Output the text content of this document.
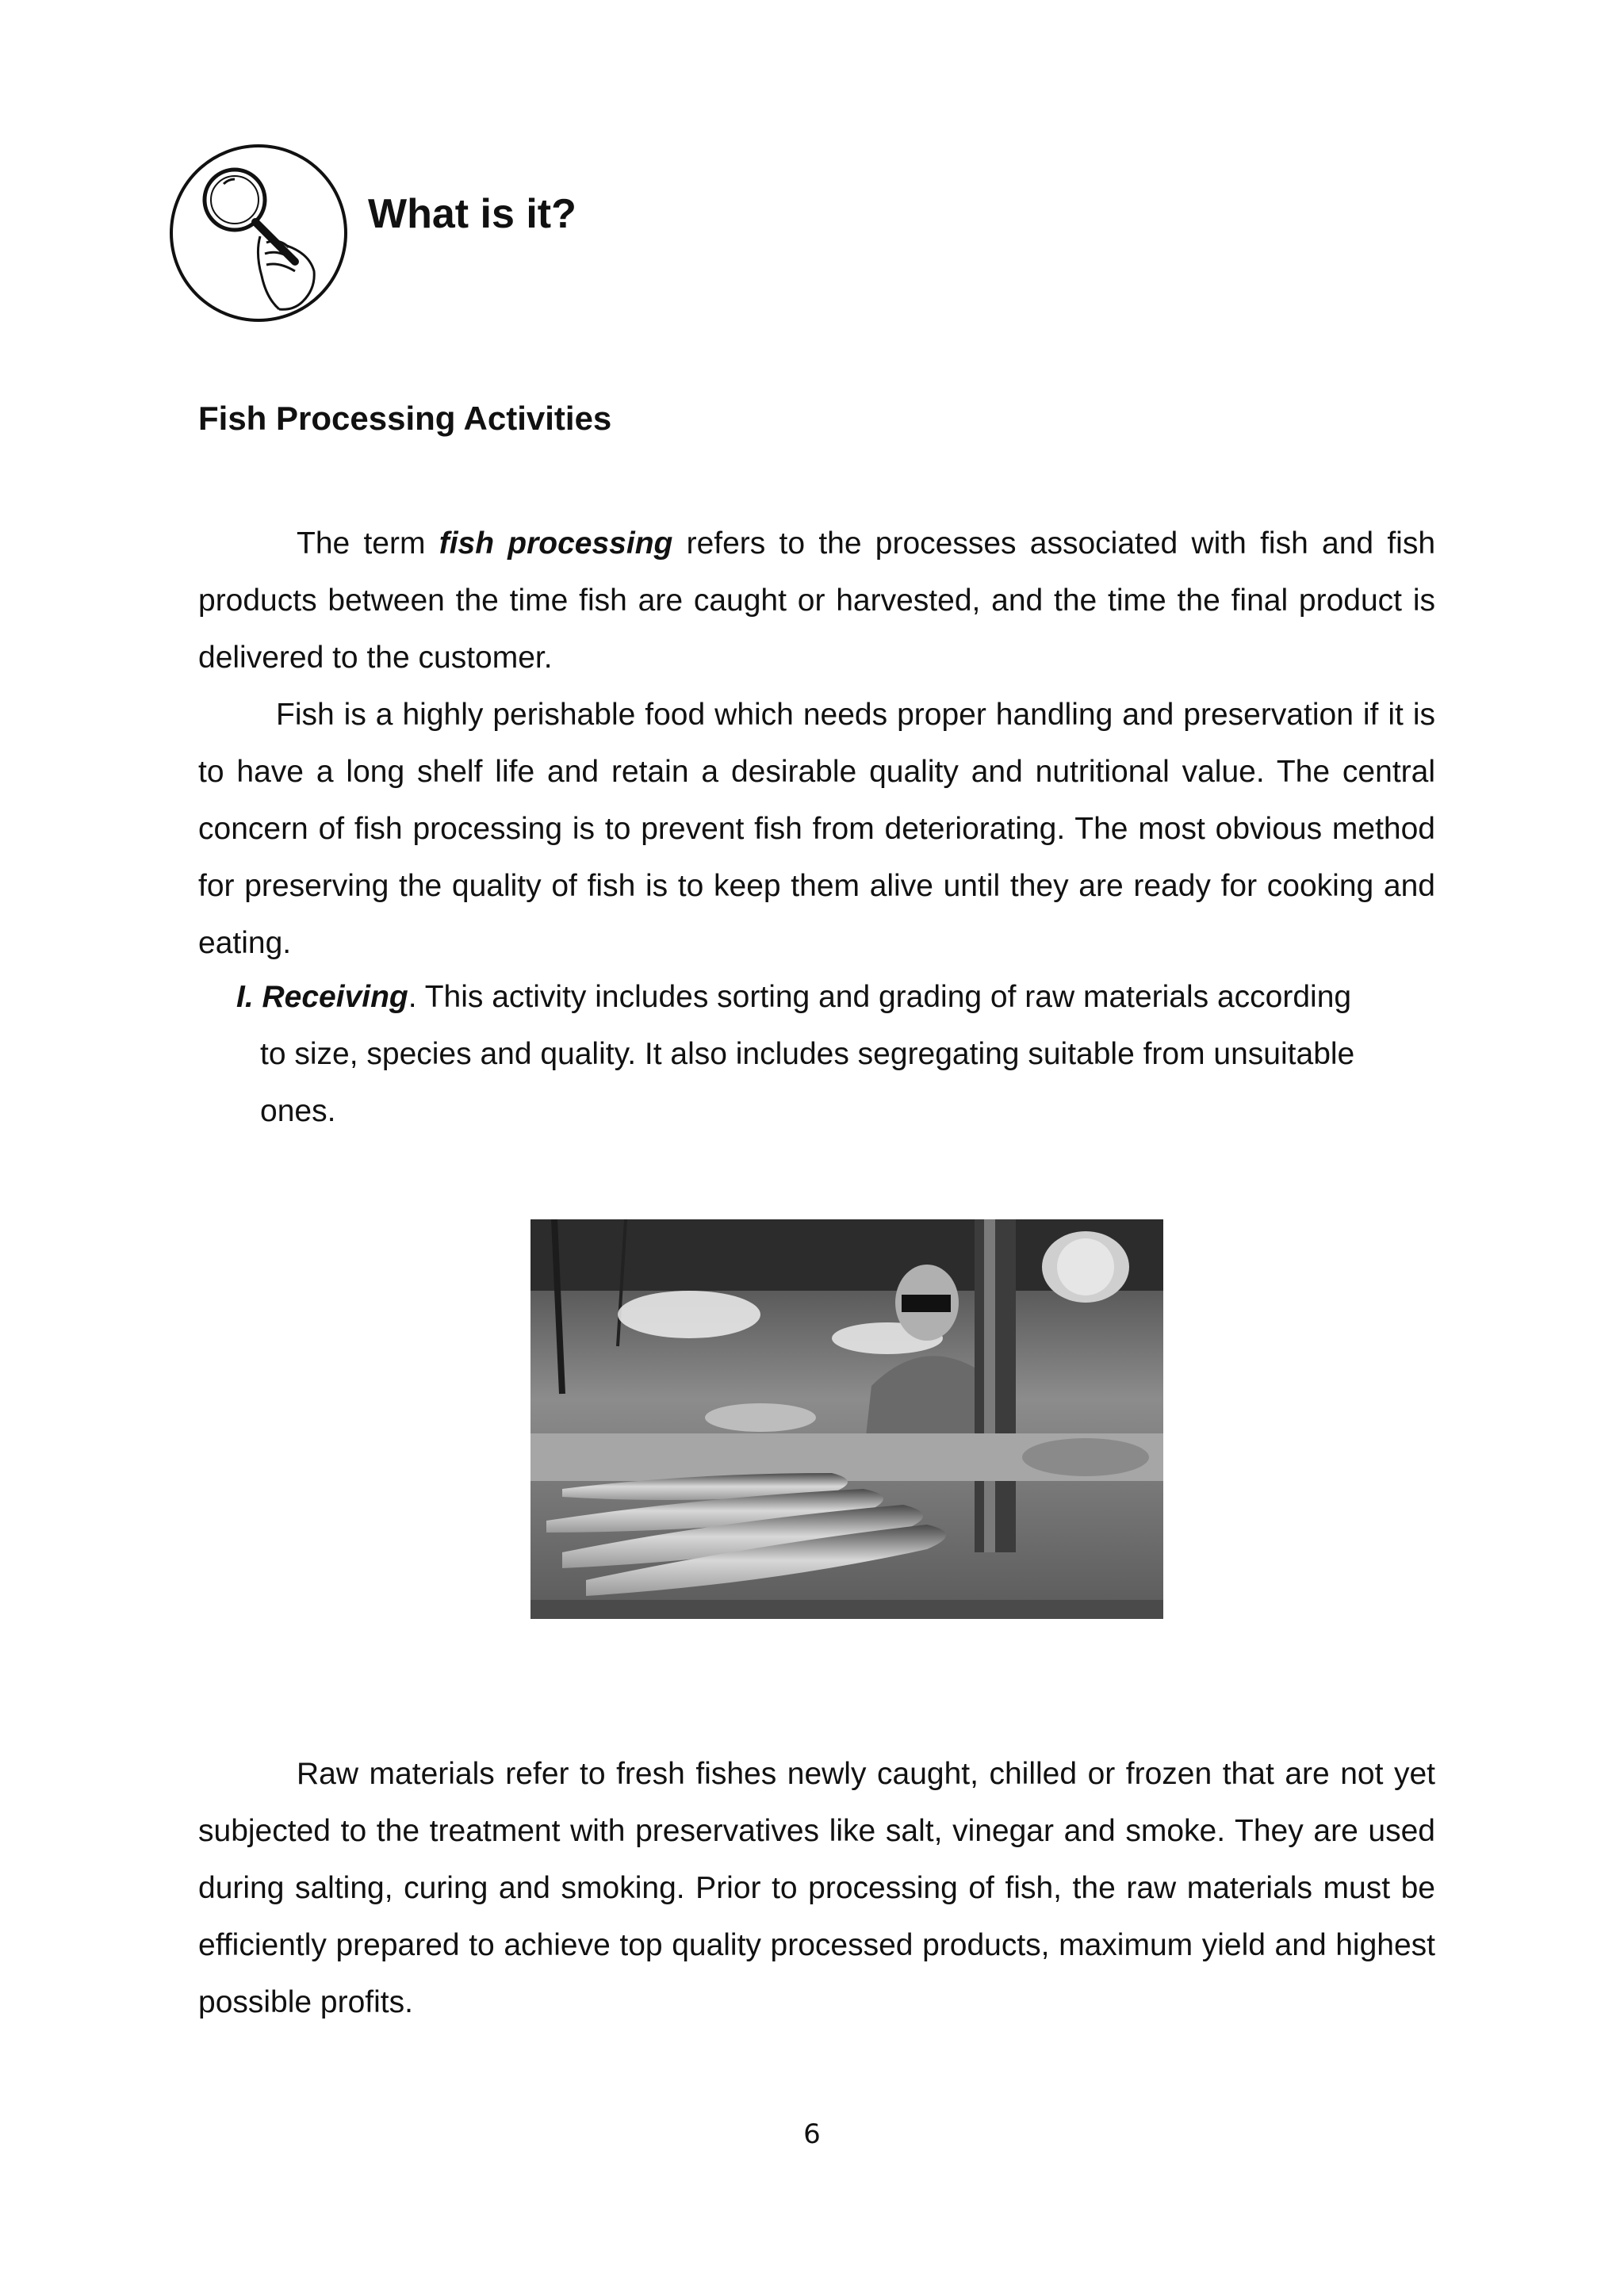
What is it?
Fish Processing Activities

The term fish processing refers to the processes associated with fish and fish products between the time fish are caught or harvested, and the time the final product is delivered to the customer.

Fish is a highly perishable food which needs proper handling and preservation if it is to have a long shelf life and retain a desirable quality and nutritional value. The central concern of fish processing is to prevent fish from deteriorating. The most obvious method for preserving the quality of fish is to keep them alive until they are ready for cooking and eating.

I. Receiving. This activity includes sorting and grading of raw materials according
to size, species and quality. It also includes segregating suitable from unsuitable
ones.

Raw materials refer to fresh fishes newly caught, chilled or frozen that are not yet subjected to the treatment with preservatives like salt, vinegar and smoke. They are used during salting, curing and smoking. Prior to processing of fish, the raw materials must be efficiently prepared to achieve top quality processed products, maximum yield and highest possible profits.

6
